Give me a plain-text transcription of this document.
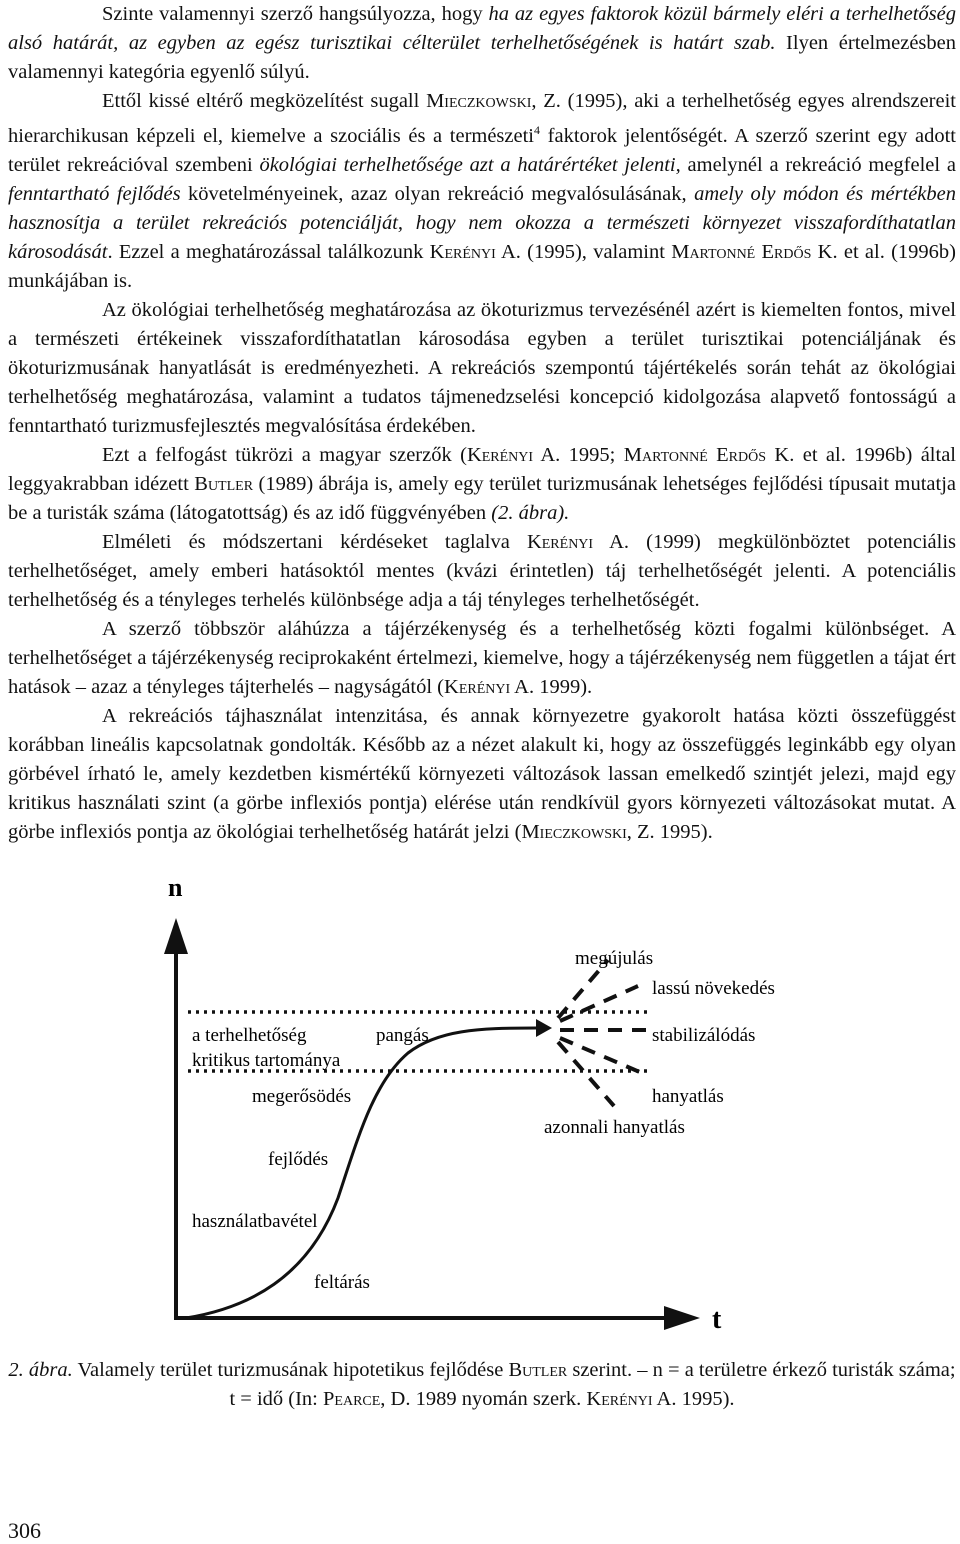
Szinte valamennyi szerző hangsúlyozza, hogy ha az egyes faktorok közül bármely eléri a terhelhetőség alsó határát, az egyben az egész turisztikai célterület terhelhetőségének is határt szab. Ilyen értelmezésben valamennyi kategória egyenlő súlyú.

Ettől kissé eltérő megközelítést sugall Mieczkowski, Z. (1995), aki a terhelhetőség egyes alrendszereit hierarchikusan képzeli el, kiemelve a szociális és a természeti$^4$ faktorok jelentőségét. A szerző szerint egy adott terület rekreációval szembeni ökológiai terhelhetősége azt a határértéket jelenti, amelynél a rekreáció megfelel a fenntartható fejlődés követelményeinek, azaz olyan rekreáció megvalósulásának, amely oly módon és mértékben hasznosítja a terület rekreációs potenciálját, hogy nem okozza a természeti környezet visszafordíthatatlan károsodását. Ezzel a meghatározással találkozunk Kerényi A. (1995), valamint Martonné Erdős K. et al. (1996b) munkájában is.

Az ökológiai terhelhetőség meghatározása az ökoturizmus tervezésénél azért is kiemelten fontos, mivel a természeti értékeinek visszafordíthatatlan károsodása egyben a terület turisztikai potenciáljának és ökoturizmusának hanyatlását is eredményezheti. A rekreációs szempontú tájértékelés során tehát az ökológiai terhelhetőség meghatározása, valamint a tudatos tájmenedzselési koncepció kidolgozása alapvető fontosságú a fenntartható turizmusfejlesztés megvalósítása érdekében.

Ezt a felfogást tükrözi a magyar szerzők (Kerényi A. 1995; Martonné Erdős K. et al. 1996b) által leggyakrabban idézett Butler (1989) ábrája is, amely egy terület turizmusának lehetséges fejlődési típusait mutatja be a turisták száma (látogatottság) és az idő függvényében (2. ábra).

Elméleti és módszertani kérdéseket taglalva Kerényi A. (1999) megkülönböztet potenciális terhelhetőséget, amely emberi hatásoktól mentes (kvázi érintetlen) táj terhelhetőségét jelenti. A potenciális terhelhetőség és a tényleges terhelés különbsége adja a táj tényleges terhelhetőségét.

A szerző többször aláhúzza a tájérzékenység és a terhelhetőség közti fogalmi különbséget. A terhelhetőséget a tájérzékenység reciprokaként értelmezi, kiemelve, hogy a tájérzékenység nem független a tájat ért hatások – azaz a tényleges tájterhelés – nagyságától (Kerényi A. 1999).

A rekreációs tájhasználat intenzitása, és annak környezetre gyakorolt hatása közti összefüggést korábban lineális kapcsolatnak gondolták. Később az a nézet alakult ki, hogy az összefüggés leginkább egy olyan görbével írható le, amely kezdetben kismértékű környezeti változások lassan emelkedő szintjét jelezi, majd egy kritikus használati szint (a görbe inflexiós pontja) elérése után rendkívül gyors környezeti változásokat mutat. A görbe inflexiós pontja az ökológiai terhelhetőség határát jelzi (Mieczkowski, Z. 1995).

n
t
a terhelhetőség
kritikus tartománya
pangás
megerősödés
fejlődés
használatbavétel
feltárás
megújulás
lassú növekedés
stabilizálódás
hanyatlás
azonnali hanyatlás
2. ábra. Valamely terület turizmusának hipotetikus fejlődése Butler szerint. – n = a területre érkező turisták száma; t = idő (In: Pearce, D. 1989 nyomán szerk. Kerényi A. 1995).
306
